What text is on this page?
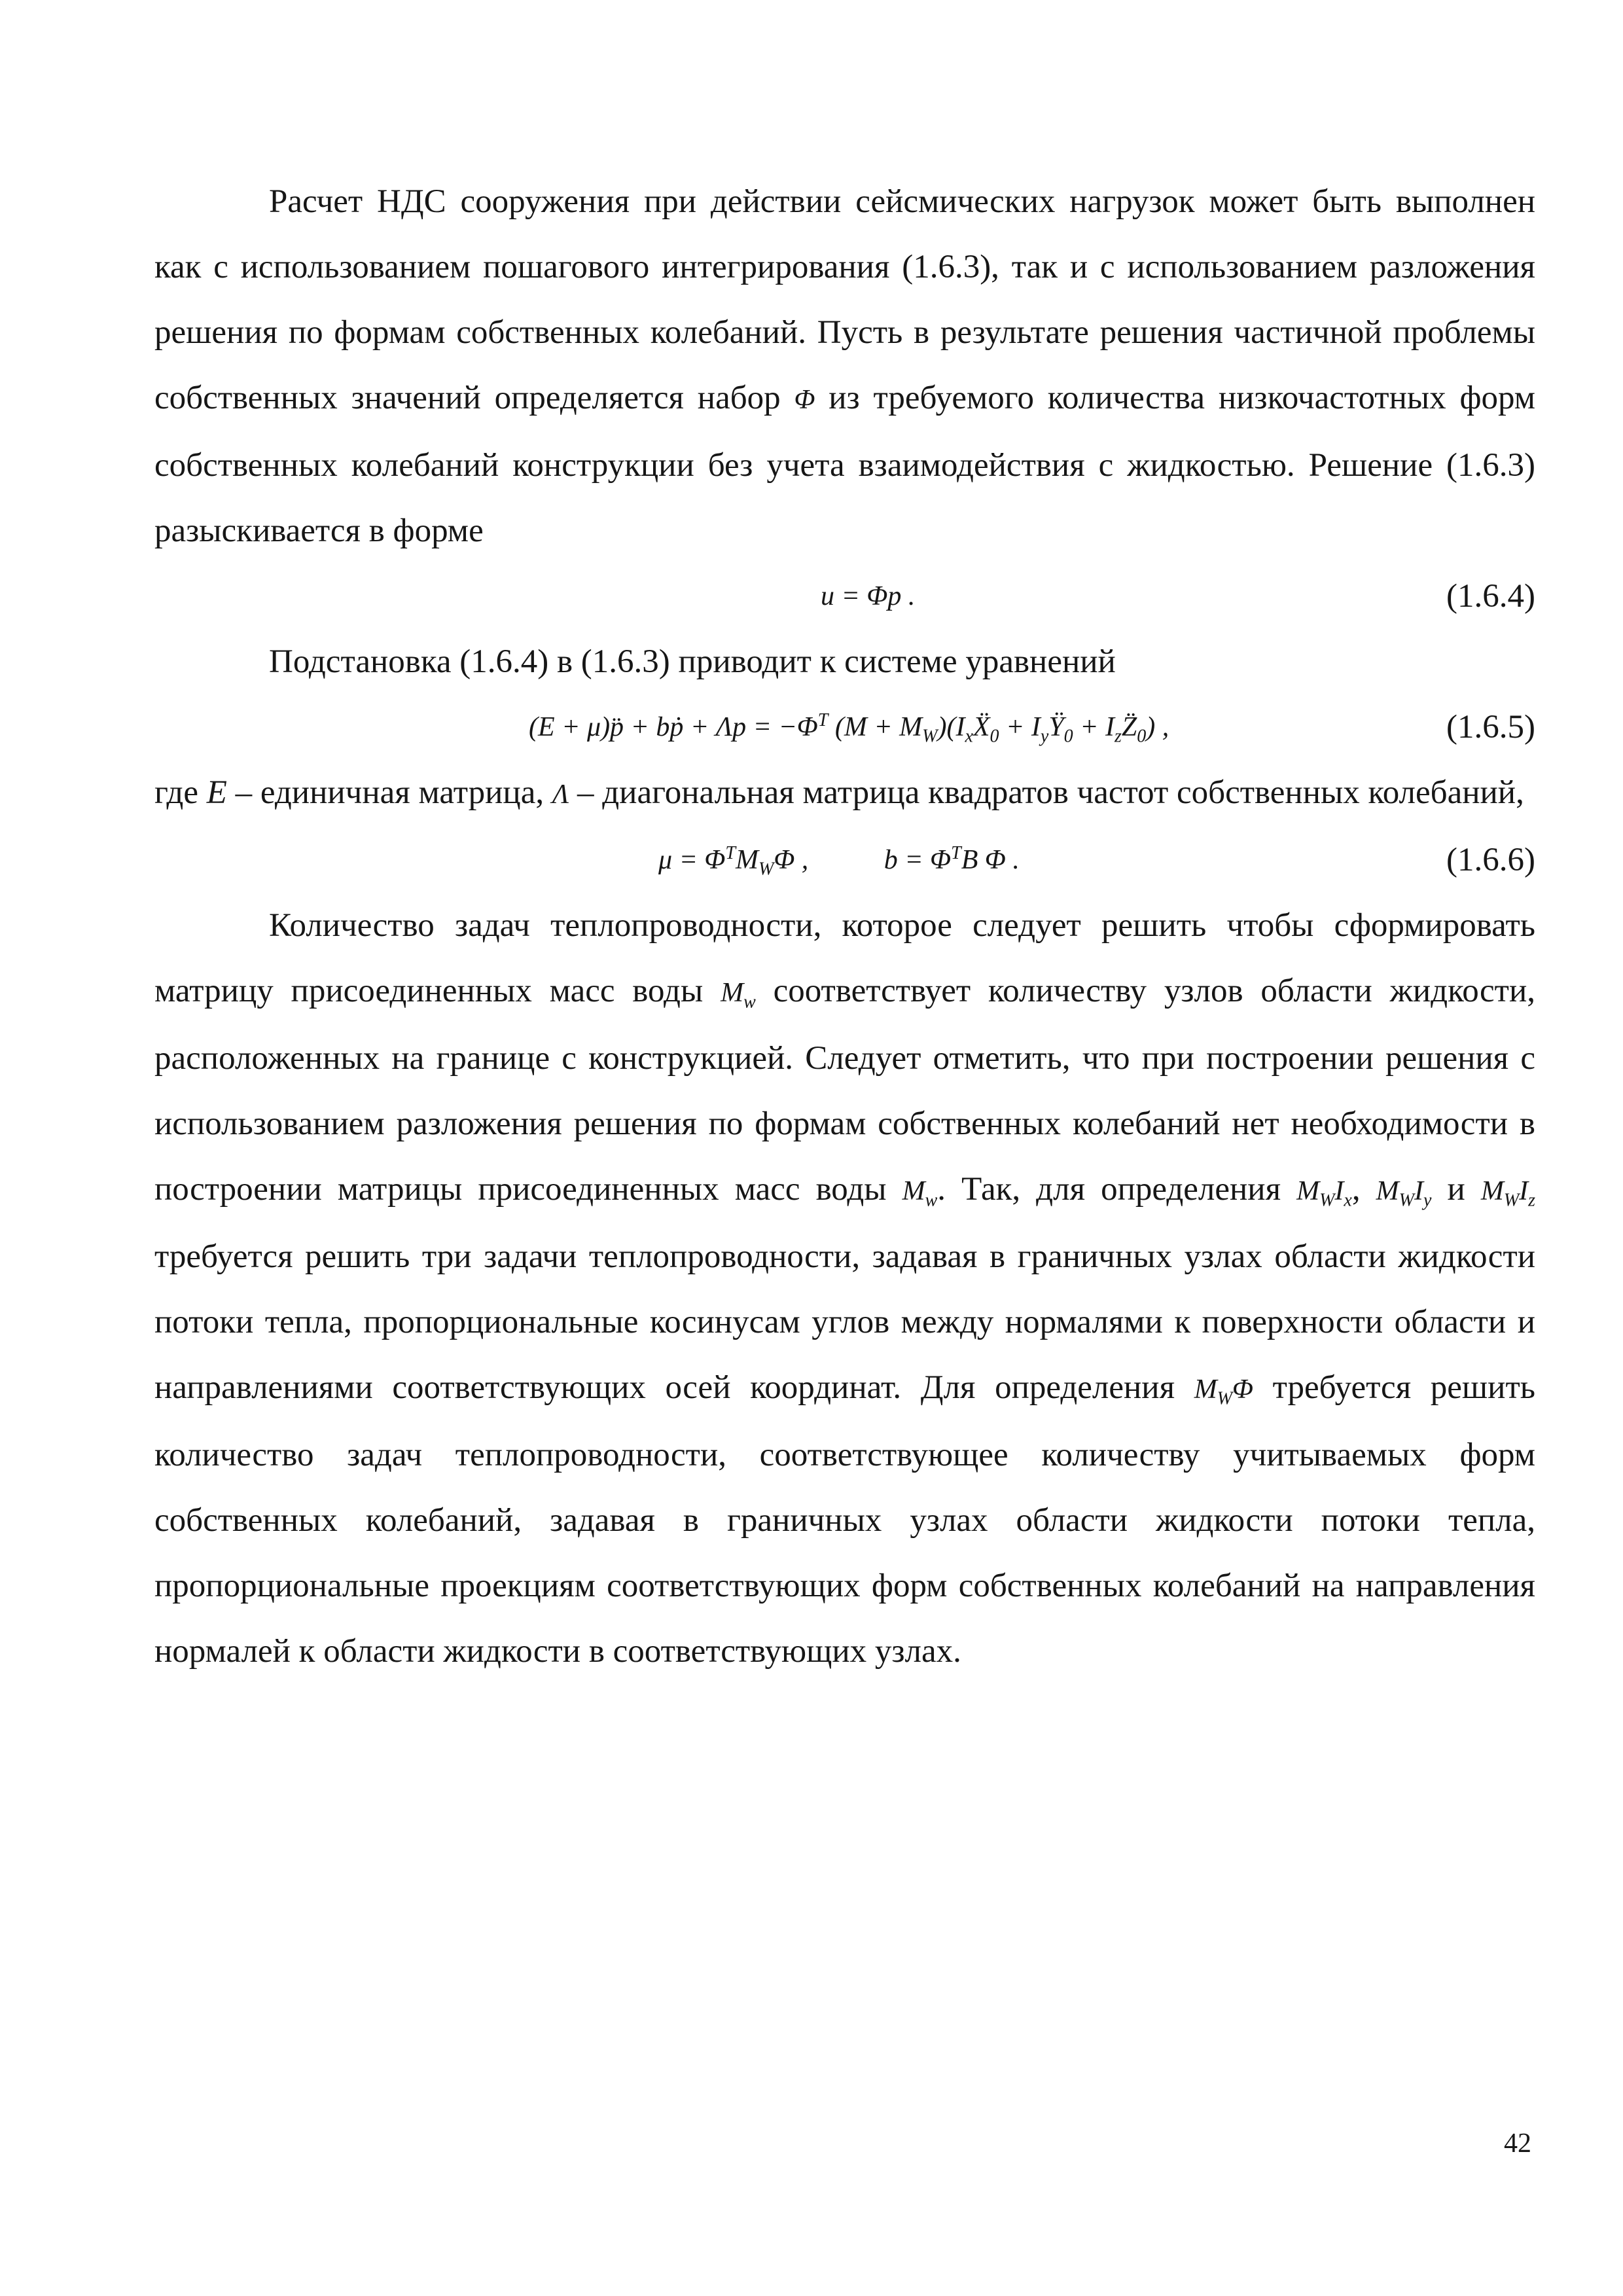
Расчет НДС сооружения при действии сейсмических нагрузок может быть выполнен как с использованием пошагового интегрирования (1.6.3), так и с использованием разложения решения по формам собственных колебаний. Пусть в результате решения частичной проблемы собственных значений определяется набор Φ из требуемого количества низкочастотных форм собственных колебаний конструкции без учета взаимодействия с жидкостью. Решение (1.6.3) разыскивается в форме

u = Φp .	(1.6.4)

Подстановка (1.6.4) в (1.6.3) приводит к системе уравнений

(E + μ)p̈ + bṗ + $\Lambda p = -\Phi^T$ $(M + M_W)(I_xẌ_0$ + $I_yŸ_0$ + $I_zZ̈_0$) ,	(1.6.5)

где E – единичная матрица, Λ – диагональная матрица квадратов частот собственных колебаний,

$\mu = \Phi^TM_W\Phi$ ,           $b = \Phi^TB$ Φ .	(1.6.6)

Количество задач теплопроводности, которое следует решить чтобы сформировать матрицу присоединенных масс воды $M_w$ соответствует количеству узлов области жидкости, расположенных на границе с конструкцией. Следует отметить, что при построении решения с использованием разложения решения по формам собственных колебаний нет необходимости в построении матрицы присоединенных масс воды $M_w$. Так, для определения $M_WI_x$, $M_WI_y$ и $M_WI_z$ требуется решить три задачи теплопроводности, задавая в граничных узлах области жидкости потоки тепла, пропорциональные косинусам углов между нормалями к поверхности области и направлениями соответствующих осей координат. Для определения $M_W\Phi$ требуется решить количество задач теплопроводности, соответствующее количеству учитываемых форм собственных колебаний, задавая в граничных узлах области жидкости потоки тепла, пропорциональные проекциям соответствующих форм собственных колебаний на направления нормалей к области жидкости в соответствующих узлах.

42
